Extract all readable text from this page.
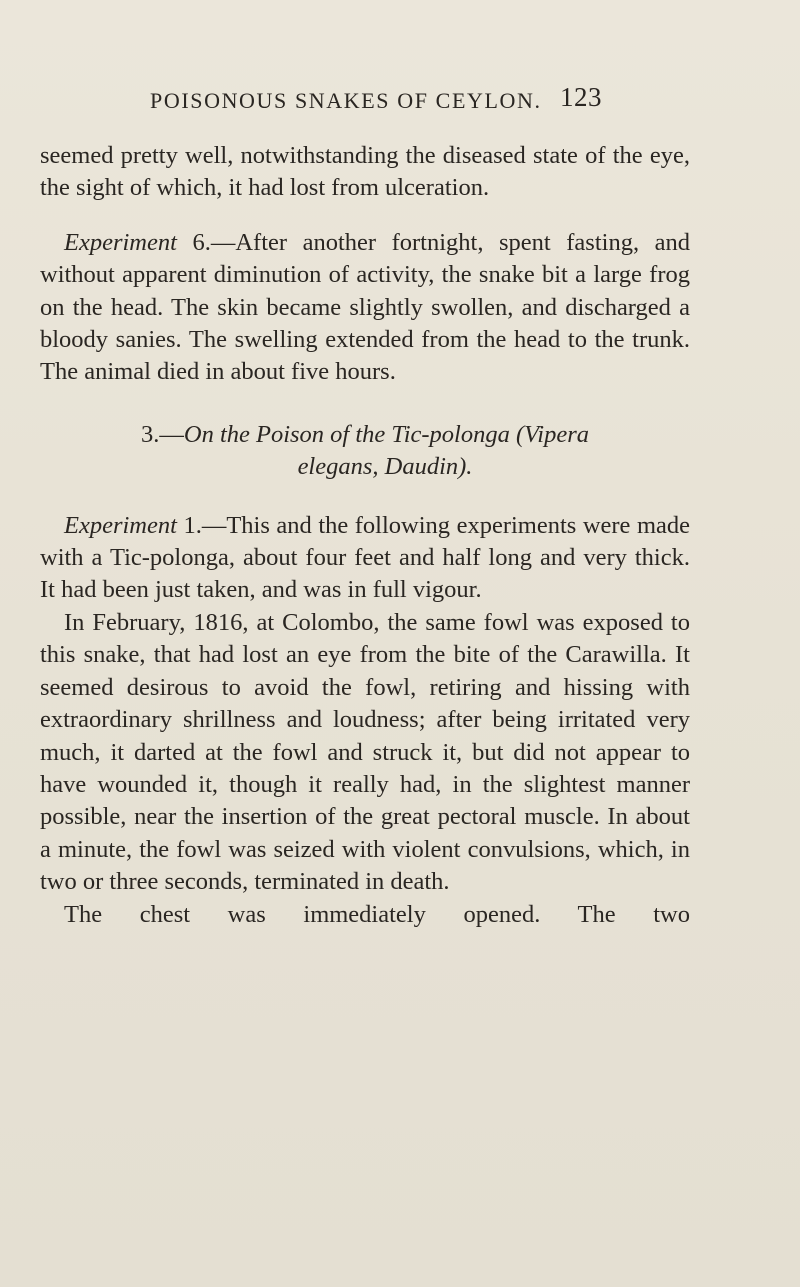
POISONOUS SNAKES OF CEYLON. 123

seemed pretty well, notwithstanding the diseased state of the eye, the sight of which, it had lost from ulceration.

Experiment 6.—After another fortnight, spent fasting, and without apparent diminution of activity, the snake bit a large frog on the head. The skin became slightly swollen, and discharged a bloody sanies. The swelling extended from the head to the trunk. The animal died in about five hours.

3.—On the Poison of the Tic-polonga (Vipera
elegans, Daudin).

Experiment 1.—This and the following experiments were made with a Tic-polonga, about four feet and half long and very thick. It had been just taken, and was in full vigour.

In February, 1816, at Colombo, the same fowl was exposed to this snake, that had lost an eye from the bite of the Carawilla. It seemed desirous to avoid the fowl, retiring and hissing with extraordinary shrillness and loudness; after being irritated very much, it darted at the fowl and struck it, but did not appear to have wounded it, though it really had, in the slightest manner possible, near the insertion of the great pectoral muscle. In about a minute, the fowl was seized with violent convulsions, which, in two or three seconds, terminated in death.

The chest was immediately opened. The two
